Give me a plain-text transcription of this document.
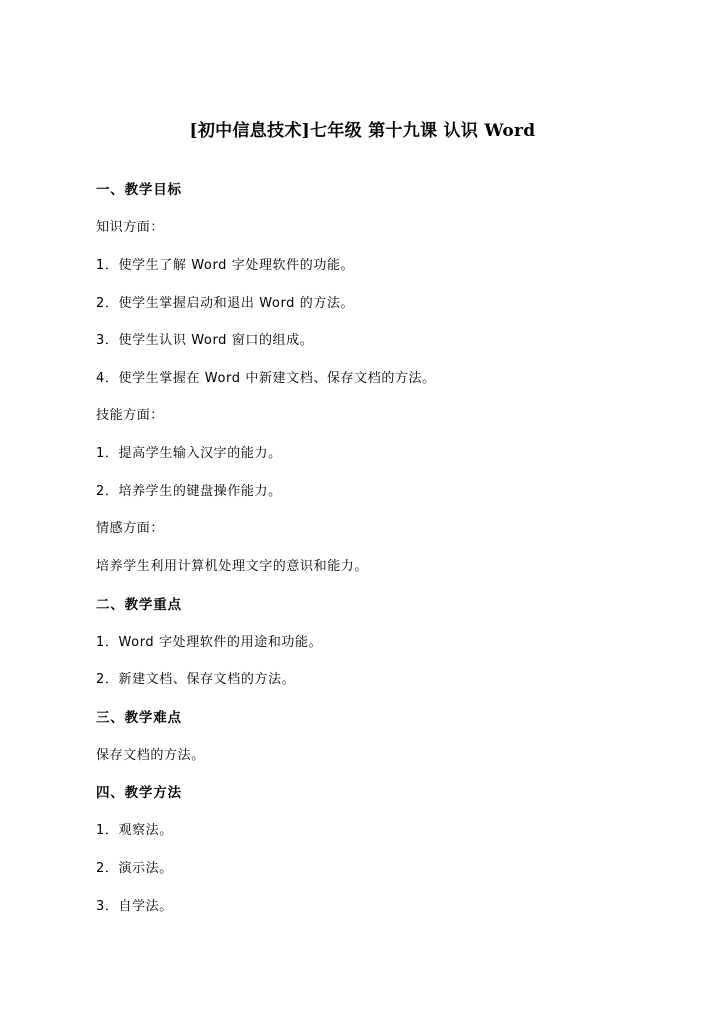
[初中信息技术]七年级 第十九课 认识 Word
一、教学目标
知识方面：
1．使学生了解 Word 字处理软件的功能。
2．使学生掌握启动和退出 Word 的方法。
3．使学生认识 Word 窗口的组成。
4．使学生掌握在 Word 中新建文档、保存文档的方法。
技能方面：
1．提高学生输入汉字的能力。
2．培养学生的键盘操作能力。
情感方面：
培养学生利用计算机处理文字的意识和能力。
二、教学重点
1．Word 字处理软件的用途和功能。
2．新建文档、保存文档的方法。
三、教学难点
保存文档的方法。
四、教学方法
1．观察法。
2．演示法。
3．自学法。
